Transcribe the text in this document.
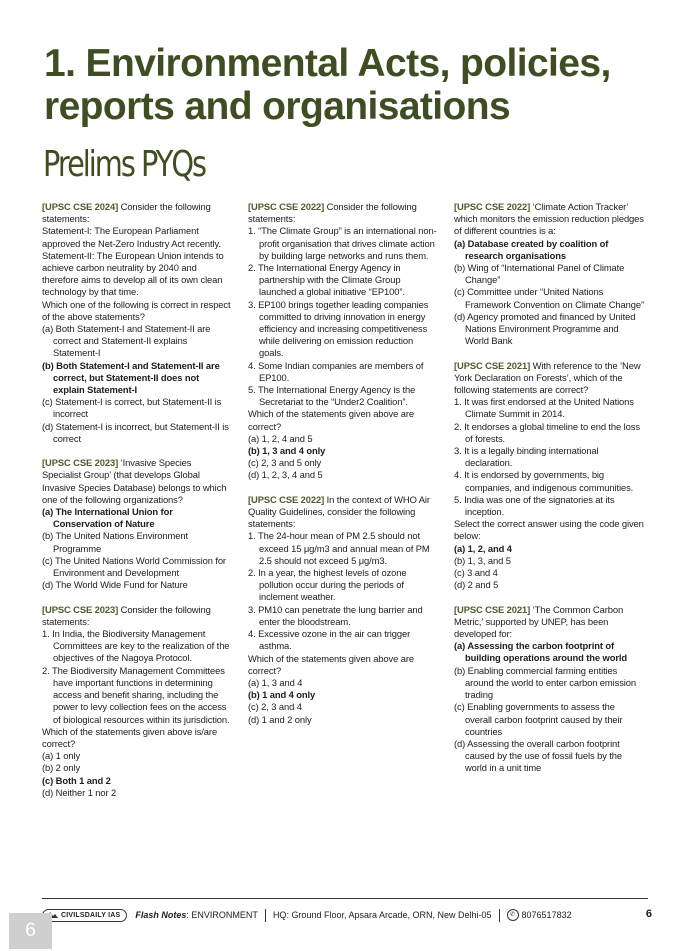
1. Environmental Acts, policies, reports and organisations
Prelims PYQs

[UPSC CSE 2024] Consider the following statements:

Statement-I: The European Parliament approved the Net-Zero Industry Act recently.

Statement-II: The European Union intends to achieve carbon neutrality by 2040 and therefore aims to develop all of its own clean technology by that time.

Which one of the following is correct in respect of the above statements?

(a) Both Statement-I and Statement-II are correct and Statement-II explains Statement-I

(b) Both Statement-I and Statement-II are correct, but Statement-II does not explain Statement-I

(c) Statement-I is correct, but Statement-II is incorrect

(d) Statement-I is incorrect, but Statement-II is correct

[UPSC CSE 2023] ‘Invasive Species Specialist Group’ (that develops Global Invasive Species Database) belongs to which one of the following organizations?

(a) The International Union for Conservation of Nature

(b) The United Nations Environment Programme

(c) The United Nations World Commission for Environment and Development

(d) The World Wide Fund for Nature

[UPSC CSE 2023] Consider the following statements:

1. In India, the Biodiversity Management Committees are key to the realization of the objectives of the Nagoya Protocol.

2. The Biodiversity Management Committees have important functions in determining access and benefit sharing, including the power to levy collection fees on the access of biological resources within its jurisdiction.

Which of the statements given above is/are correct?

(a) 1 only

(b) 2 only

(c) Both 1 and 2

(d) Neither 1 nor 2

[UPSC CSE 2022] Consider the following statements:

1. “The Climate Group” is an international non-profit organisation that drives climate action by building large networks and runs them.

2. The International Energy Agency in partnership with the Climate Group launched a global initiative “EP100”.

3. EP100 brings together leading companies committed to driving innovation in energy efficiency and increasing competitiveness while delivering on emission reduction goals.

4. Some Indian companies are members of EP100.

5. The International Energy Agency is the Secretariat to the “Under2 Coalition”.

Which of the statements given above are correct?

(a) 1, 2, 4 and 5

(b) 1, 3 and 4 only

(c) 2, 3 and 5 only

(d) 1, 2, 3, 4 and 5

[UPSC CSE 2022] In the context of WHO Air Quality Guidelines, consider the following statements:

1. The 24-hour mean of PM 2.5 should not exceed 15 μg/m3 and annual mean of PM 2.5 should not exceed 5 μg/m3.

2. In a year, the highest levels of ozone pollution occur during the periods of inclement weather.

3. PM10 can penetrate the lung barrier and enter the bloodstream.

4. Excessive ozone in the air can trigger asthma.

Which of the statements given above are correct?

(a) 1, 3 and 4

(b) 1 and 4 only

(c) 2, 3 and 4

(d) 1 and 2 only

[UPSC CSE 2022] ‘Climate Action Tracker’ which monitors the emission reduction pledges of different countries is a:

(a) Database created by coalition of research organisations

(b) Wing of “International Panel of Climate Change”

(c) Committee under “United Nations Framework Convention on Climate Change”

(d) Agency promoted and financed by United Nations Environment Programme and World Bank

[UPSC CSE 2021] With reference to the ‘New York Declaration on Forests’, which of the following statements are correct?

1. It was first endorsed at the United Nations Climate Summit in 2014.

2. It endorses a global timeline to end the loss of forests.

3. It is a legally binding international declaration.

4. It is endorsed by governments, big companies, and indigenous communities.

5. India was one of the signatories at its inception.

Select the correct answer using the code given below:

(a) 1, 2, and 4

(b) 1, 3, and 5

(c) 3 and 4

(d) 2 and 5

[UPSC CSE 2021] ‘The Common Carbon Metric,’ supported by UNEP, has been developed for:

(a) Assessing the carbon footprint of building operations around the world

(b) Enabling commercial farming entities around the world to enter carbon emission trading

(c) Enabling governments to assess the overall carbon footprint caused by their countries

(d) Assessing the overall carbon footprint caused by the use of fossil fuels by the world in a unit time

CIVILSDAILY IAS Flash Notes: ENVIRONMENT HQ: Ground Floor, Apsara Arcade, ORN, New Delhi-05	✆ 8076517832	6
6
